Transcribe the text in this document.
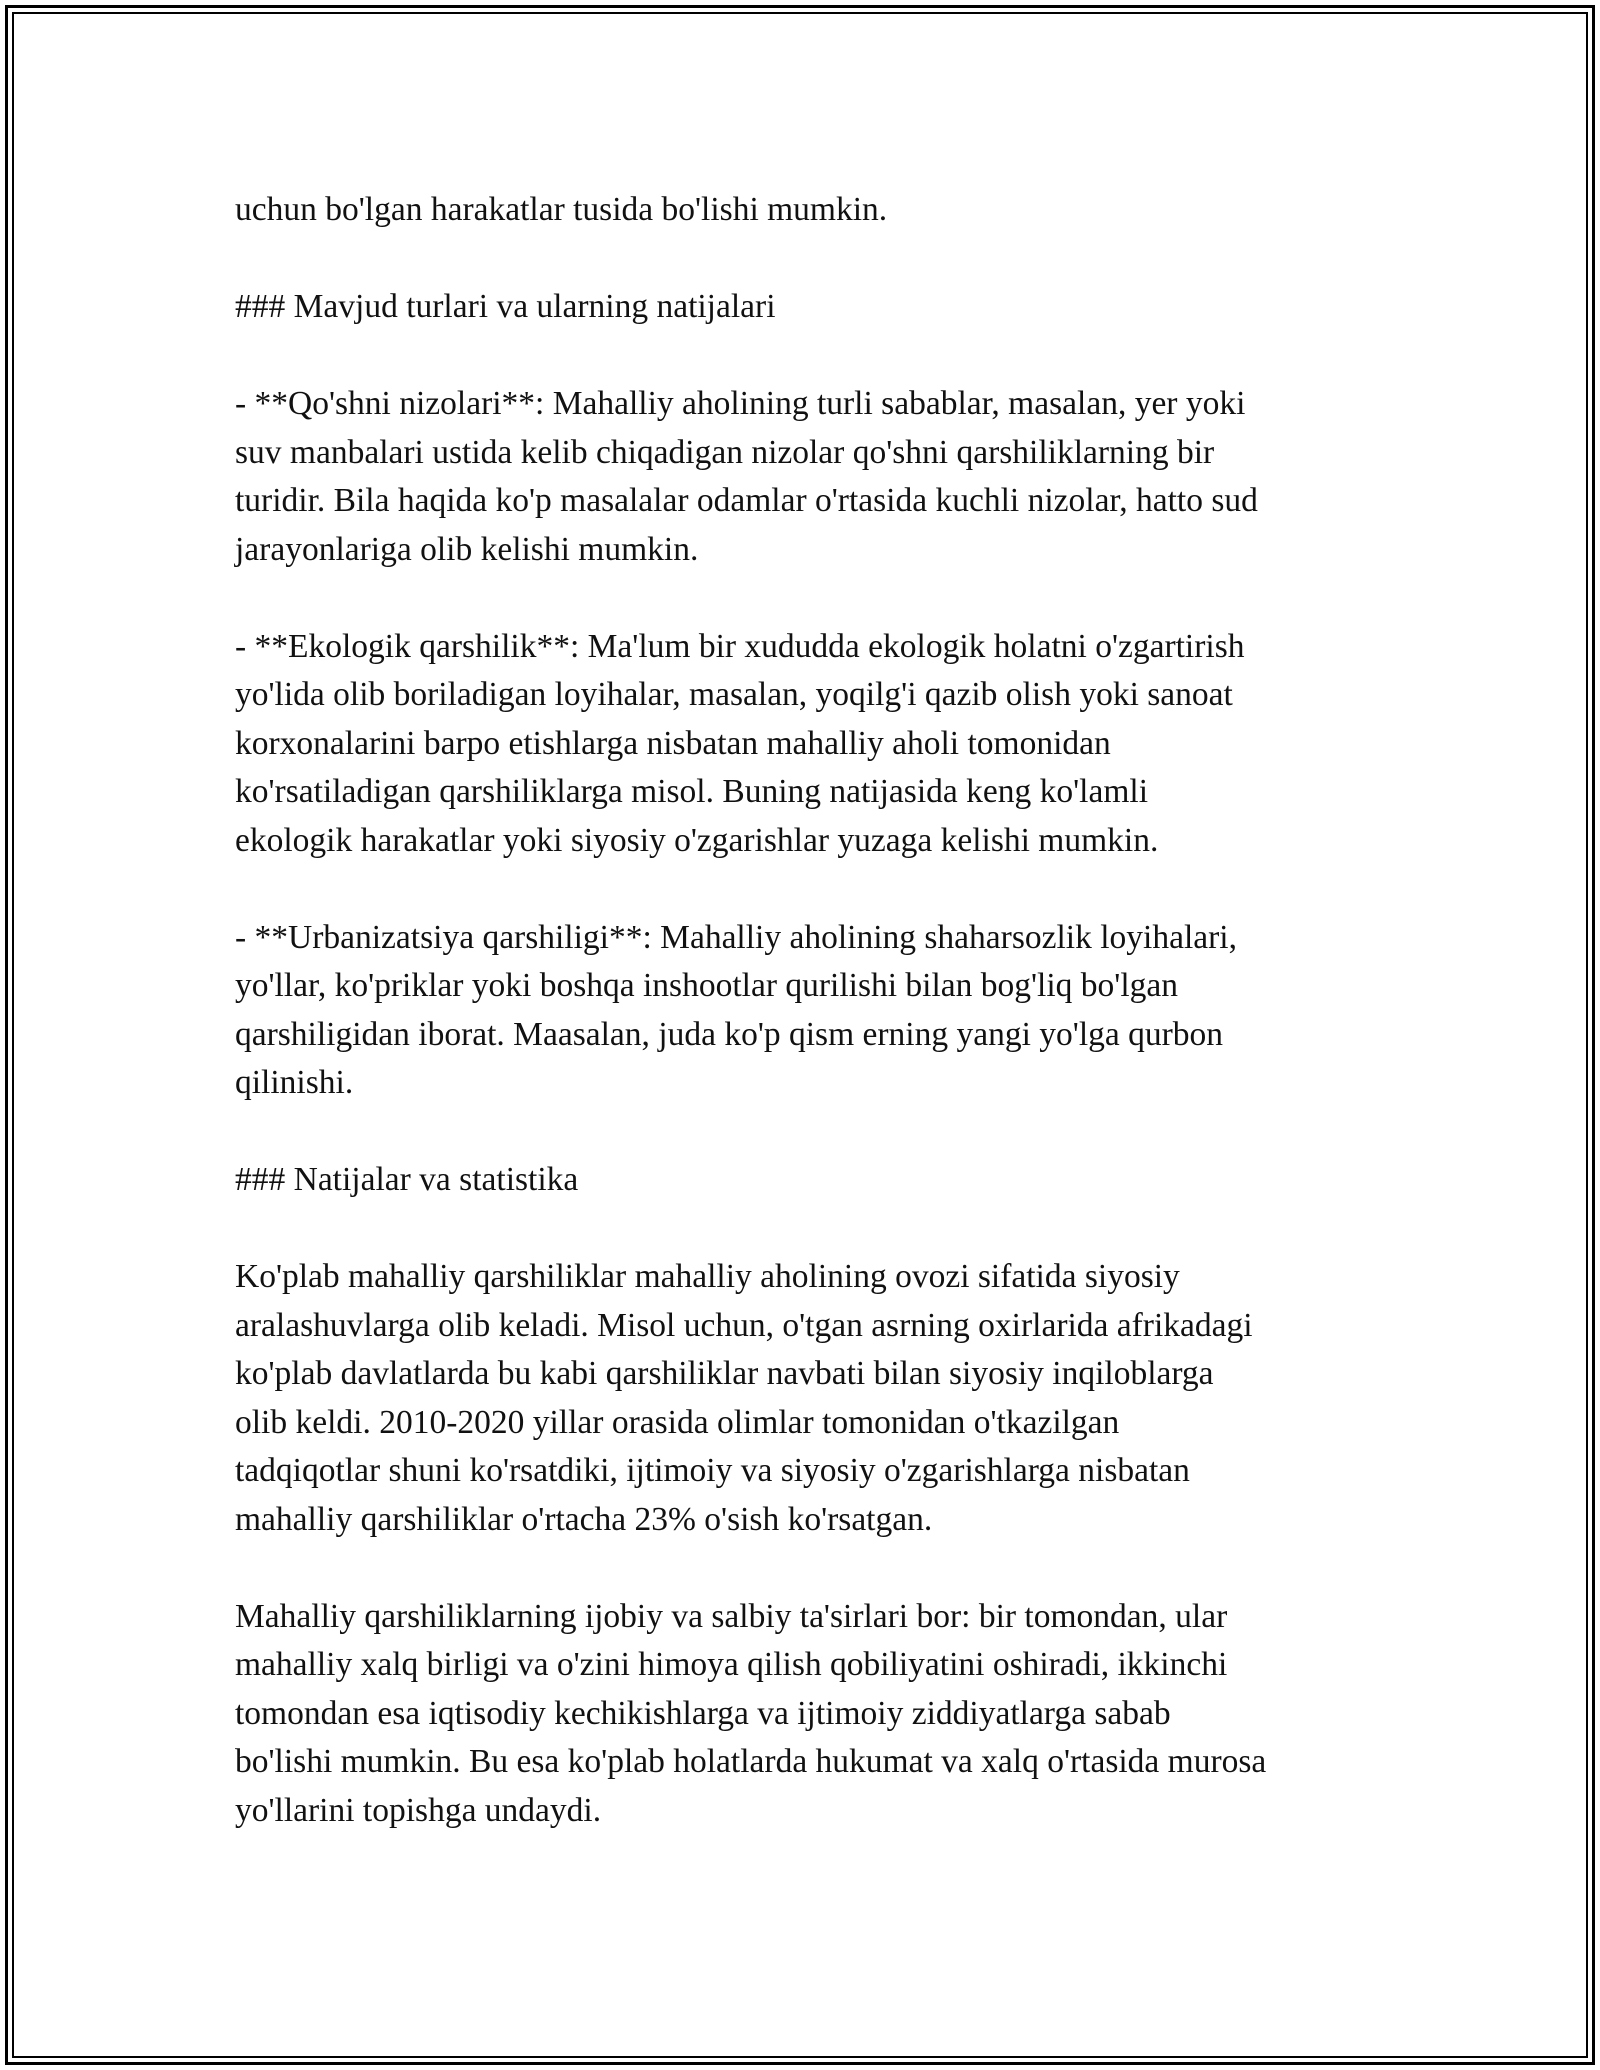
uchun bo'lgan harakatlar tusida bo'lishi mumkin.

### Mavjud turlari va ularning natijalari

- **Qo'shni nizolari**: Mahalliy aholining turli sabablar, masalan, yer yoki
suv manbalari ustida kelib chiqadigan nizolar qo'shni qarshiliklarning bir
turidir. Bila haqida ko'p masalalar odamlar o'rtasida kuchli nizolar, hatto sud
jarayonlariga olib kelishi mumkin.

- **Ekologik qarshilik**: Ma'lum bir xududda ekologik holatni o'zgartirish
yo'lida olib boriladigan loyihalar, masalan, yoqilg'i qazib olish yoki sanoat
korxonalarini barpo etishlarga nisbatan mahalliy aholi tomonidan
ko'rsatiladigan qarshiliklarga misol. Buning natijasida keng ko'lamli
ekologik harakatlar yoki siyosiy o'zgarishlar yuzaga kelishi mumkin.

- **Urbanizatsiya qarshiligi**: Mahalliy aholining shaharsozlik loyihalari,
yo'llar, ko'priklar yoki boshqa inshootlar qurilishi bilan bog'liq bo'lgan
qarshiligidan iborat. Maasalan, juda ko'p qism erning yangi yo'lga qurbon
qilinishi.

### Natijalar va statistika

Ko'plab mahalliy qarshiliklar mahalliy aholining ovozi sifatida siyosiy
aralashuvlarga olib keladi. Misol uchun, o'tgan asrning oxirlarida afrikadagi
ko'plab davlatlarda bu kabi qarshiliklar navbati bilan siyosiy inqiloblarga
olib keldi. 2010-2020 yillar orasida olimlar tomonidan o'tkazilgan
tadqiqotlar shuni ko'rsatdiki, ijtimoiy va siyosiy o'zgarishlarga nisbatan
mahalliy qarshiliklar o'rtacha 23% o'sish ko'rsatgan.

Mahalliy qarshiliklarning ijobiy va salbiy ta'sirlari bor: bir tomondan, ular
mahalliy xalq birligi va o'zini himoya qilish qobiliyatini oshiradi, ikkinchi
tomondan esa iqtisodiy kechikishlarga va ijtimoiy ziddiyatlarga sabab
bo'lishi mumkin. Bu esa ko'plab holatlarda hukumat va xalq o'rtasida murosa
yo'llarini topishga undaydi.
